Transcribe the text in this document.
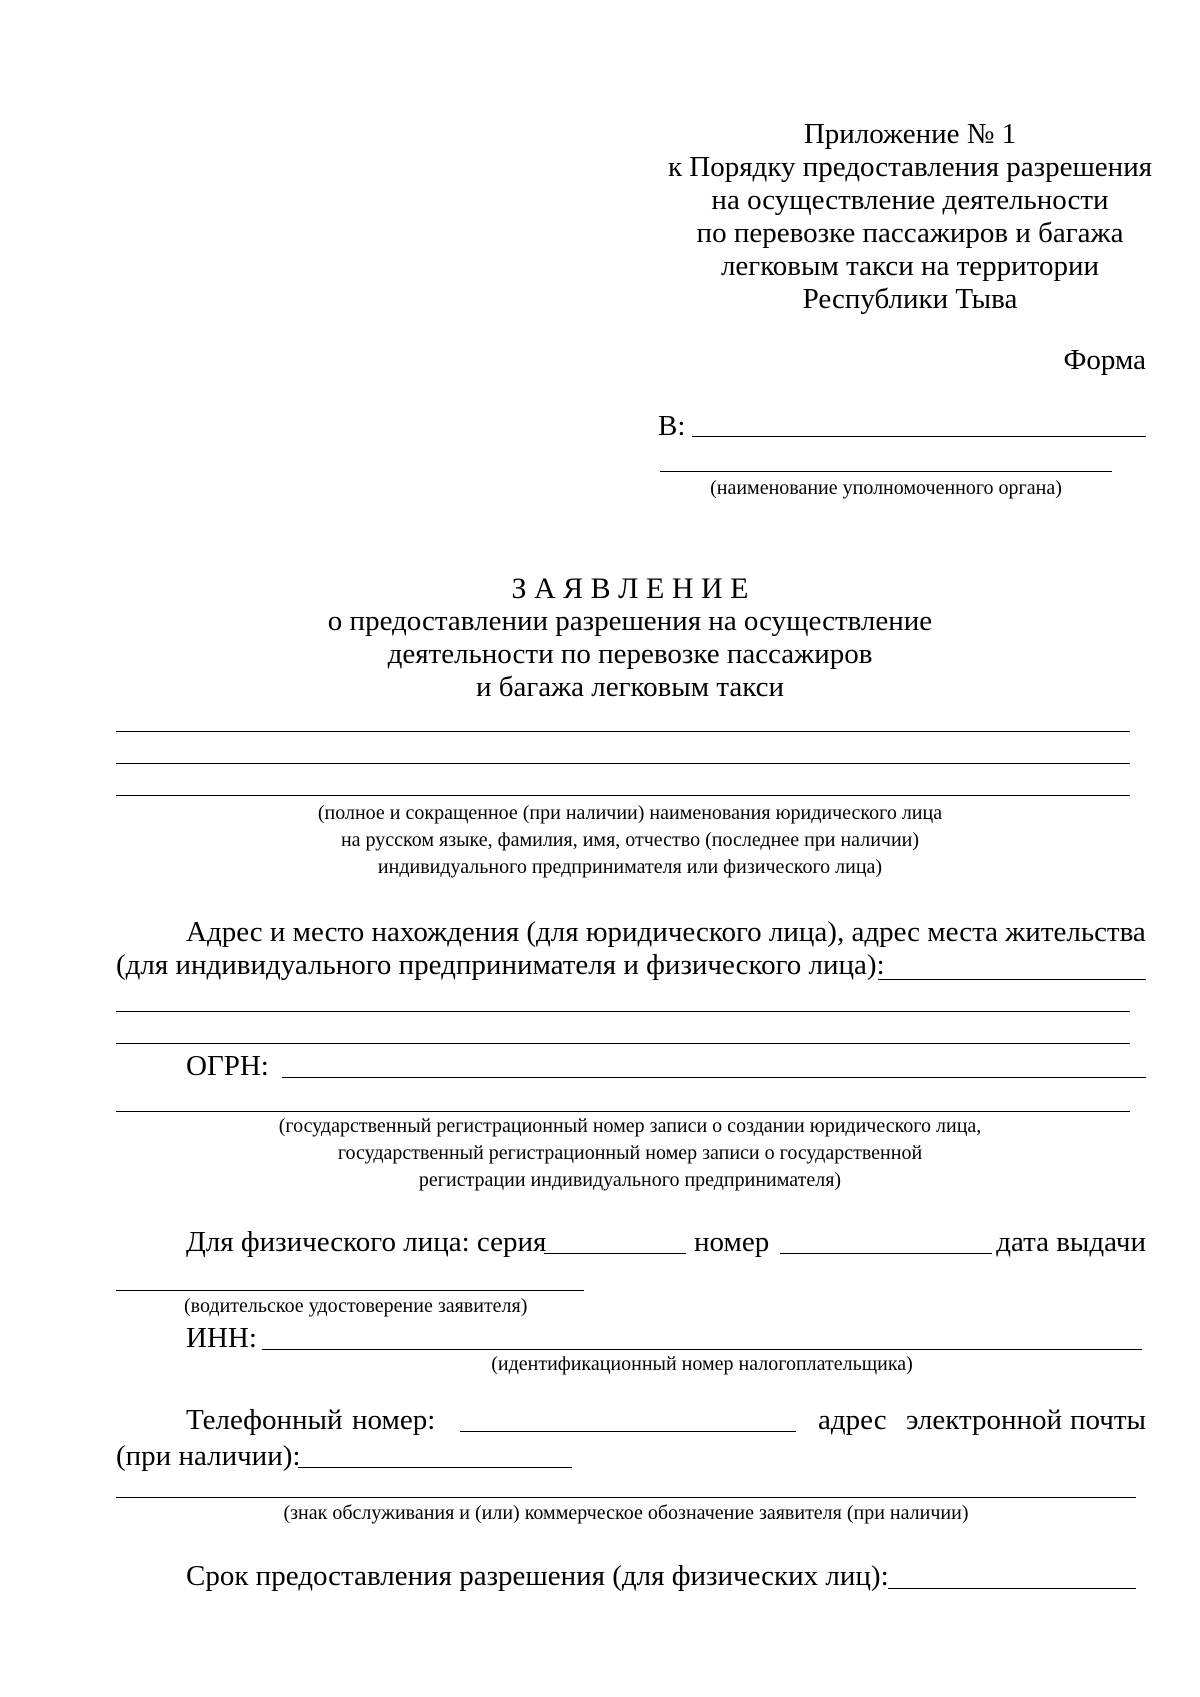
Приложение № 1
к Порядку предоставления разрешения
на осуществление деятельности
по перевозке пассажиров и багажа
легковым такси на территории
Республики Тыва
Форма
В:
(наименование уполномоченного органа)
З А Я В Л Е Н И Е
о предоставлении разрешения на осуществление
деятельности по перевозке пассажиров
и багажа легковым такси
(полное и сокращенное (при наличии) наименования юридического лица
на русском языке, фамилия, имя, отчество (последнее при наличии)
индивидуального предпринимателя или физического лица)
Адрес и место нахождения (для юридического лица), адрес места жительства
(для индивидуального предпринимателя и физического лица):
ОГРН:
(государственный регистрационный номер записи о создании юридического лица,
государственный регистрационный номер записи о государственной
регистрации индивидуального предпринимателя)
Для физического лица: серия	номер	дата выдачи
(водительское удостоверение заявителя)
ИНН:
(идентификационный номер налогоплательщика)
Телефонный номер:	адрес электронной почты
(при наличии):
(знак обслуживания и (или) коммерческое обозначение заявителя (при наличии)
Срок предоставления разрешения (для физических лиц):
